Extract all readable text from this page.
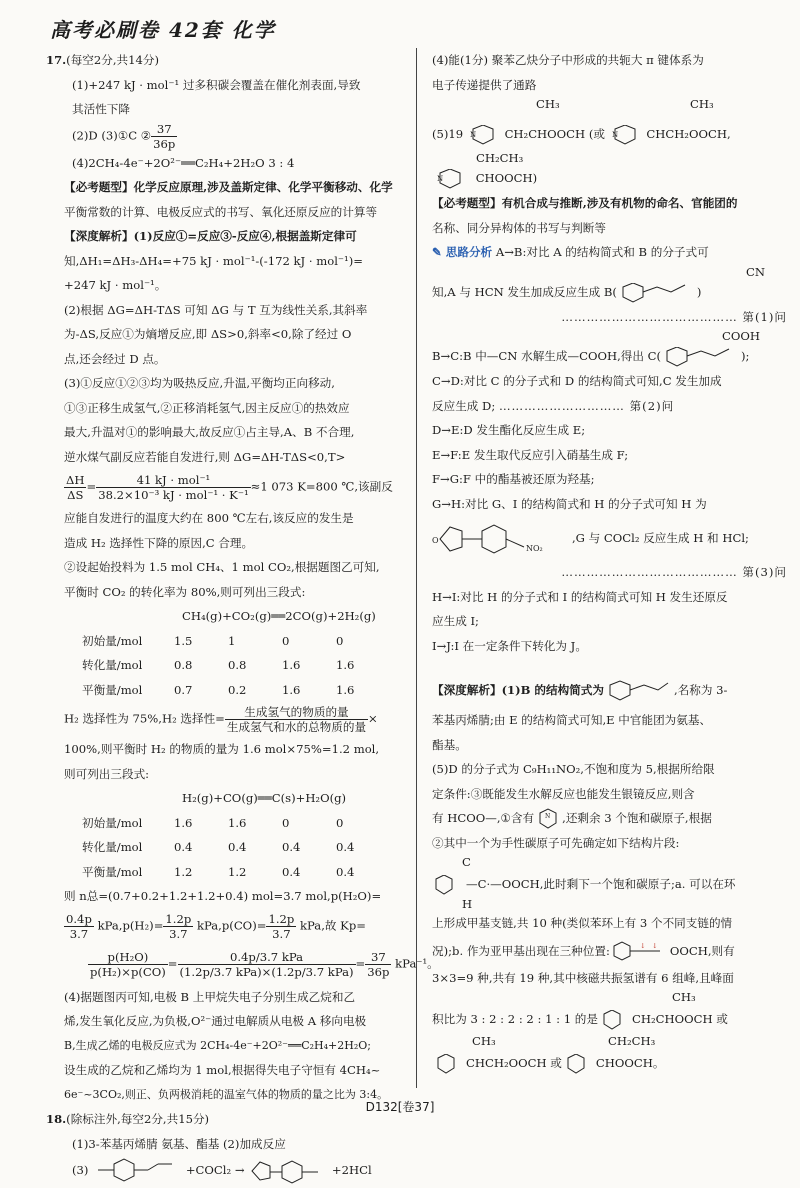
高考必刷卷 42套 化学
17.(每空2分,共14分)
(1)+247 kJ · mol⁻¹ 过多积碳会覆盖在催化剂表面,导致
其活性下降
(2)D (3)①C ② $\frac{37}{36p}$
(4)2CH₄-4e⁻+2O²⁻══C₂H₄+2H₂O 3 : 4
【必考题型】化学反应原理,涉及盖斯定律、化学平衡移动、化学
平衡常数的计算、电极反应式的书写、氧化还原反应的计算等
【深度解析】(1)反应①=反应③-反应④,根据盖斯定律可
知,ΔH₁=ΔH₃-ΔH₄=+75 kJ · mol⁻¹-(-172 kJ · mol⁻¹)=
+247 kJ · mol⁻¹。
(2)根据 ΔG=ΔH-TΔS 可知 ΔG 与 T 互为线性关系,其斜率
为-ΔS,反应①为熵增反应,即 ΔS>0,斜率<0,除了经过 O
点,还会经过 D 点。
(3)①反应①②③均为吸热反应,升温,平衡均正向移动,
①③正移生成氢气,②正移消耗氢气,因主反应①的热效应
最大,升温对①的影响最大,故反应①占主导,A、B 不合理,
逆水煤气副反应若能自发进行,则 ΔG=ΔH-TΔS<0,T>
$\frac{\Delta H}{\Delta S} = \frac{\text{41 kJ · mol⁻¹}}{\text{38.2×10⁻³ kJ · mol⁻¹ · K⁻¹}} \approx 1$ 073 K=800 ℃,该副反
应能自发进行的温度大约在 800 ℃左右,该反应的发生是
造成 H₂ 选择性下降的原因,C 合理。
②设起始投料为 1.5 mol CH₄、1 mol CO₂,根据题图乙可知,
平衡时 CO₂ 的转化率为 80%,则可列出三段式:
CH₄(g)+CO₂(g)══2CO(g)+2H₂(g)
初始量/mol	1.5	1	0	0
转化量/mol	0.8	0.8	1.6	1.6
平衡量/mol	0.7	0.2	1.6	1.6
H₂ 选择性为 75%,H₂ 选择性= $\frac{\text{生成氢气的物质的量}}{\text{生成氢气和水的总物质的量}}$ ×
100%,则平衡时 H₂ 的物质的量为 1.6 mol×75%=1.2 mol,
则可列出三段式:
H₂(g)+CO(g)══C(s)+H₂O(g)
初始量/mol	1.6	1.6	0	0
转化量/mol	0.4	0.4	0.4	0.4
平衡量/mol	1.2	1.2	0.4	0.4
则 n总=(0.7+0.2+1.2+1.2+0.4) mol=3.7 mol,p(H₂O)=
$\frac{0.4p}{3.7} kPa,p(H_2)= \frac{1.2p}{3.7} kPa,p(CO)= \frac{1.2p}{3.7}$ kPa,故 Kp=
$\frac{\text{p(H₂O)}}{\text{p(H₂)×p(CO)}} = \frac{\text{0.4p/3.7 kPa}}{\text{(1.2p/3.7 kPa)×(1.2p/3.7 kPa)}} = \frac{37}{36p} kPa^{-1}$。
(4)据题图丙可知,电极 B 上甲烷失电子分别生成乙烷和乙
烯,发生氧化反应,为负极,O²⁻通过电解质从电极 A 移向电极
B,生成乙烯的电极反应式为 2CH₄-4e⁻+2O²⁻══C₂H₄+2H₂O;
设生成的乙烷和乙烯均为 1 mol,根据得失电子守恒有 4CH₄~
6e⁻~3CO₂,则正、负两极消耗的温室气体的物质的量之比为 3:4。
18.(除标注外,每空2分,共15分)
(1)3-苯基丙烯腈 氨基、酯基 (2)加成反应
(3)	+COCl₂ →	+2HCl
(4)能(1分) 聚苯乙炔分子中形成的共轭大 π 键体系为
电子传递提供了通路
CH₃	CH₃
(5)19 N CH₂CHOOCH (或 N CHCH₂OOCH,
CH₂CH₃
N	CHOOCH)
【必考题型】有机合成与推断,涉及有机物的命名、官能团的
名称、同分异构体的书写与判断等
✎ 思路分析 A→B:对比 A 的结构简式和 B 的分子式可
CN
知,A 与 HCN 发生加成反应生成 B(	)
…………………………………… 第(1)问
COOH
B→C:B 中—CN 水解生成—COOH,得出 C(	);
C→D:对比 C 的分子式和 D 的结构简式可知,C 发生加成
反应生成 D; ………………………… 第(2)问
D→E:D 发生酯化反应生成 E;
E→F:E 发生取代反应引入硝基生成 F;
F→G:F 中的酯基被还原为羟基;
G→H:对比 G、I 的结构简式和 H 的分子式可知 H 为
O
NO₂
,G 与 COCl₂ 反应生成 H 和 HCl;
…………………………………… 第(3)问
H→I:对比 H 的分子式和 I 的结构简式可知 H 发生还原反
应生成 I;
I→J:I 在一定条件下转化为 J。
【深度解析】(1)B 的结构简式为	,名称为 3-
苯基丙烯腈;由 E 的结构简式可知,E 中官能团为氨基、
酯基。
(5)D 的分子式为 C₉H₁₁NO₂,不饱和度为 5,根据所给限
定条件:③既能发生水解反应也能发生银镜反应,则含
有 HCOO—,①含有 N ,还剩余 3 个饱和碳原子,根据
②其中一个为手性碳原子可先确定如下结构片段:
C
H
—C·—OOCH,此时剩下一个饱和碳原子;a. 可以在环
上形成甲基支链,共 10 种(类似苯环上有 3 个不同支链的情
况);b. 作为亚甲基出现在三种位置:	↓ ↓ OOCH,则有
3×3=9 种,共有 19 种,其中核磁共振氢谱有 6 组峰,且峰面
CH₃
积比为 3 : 2 : 2 : 2 : 1 : 1 的是	CH₂CHOOCH 或
CH₃	CH₂CH₃
CHCH₂OOCH 或	CHOOCH。
D132[卷37]
